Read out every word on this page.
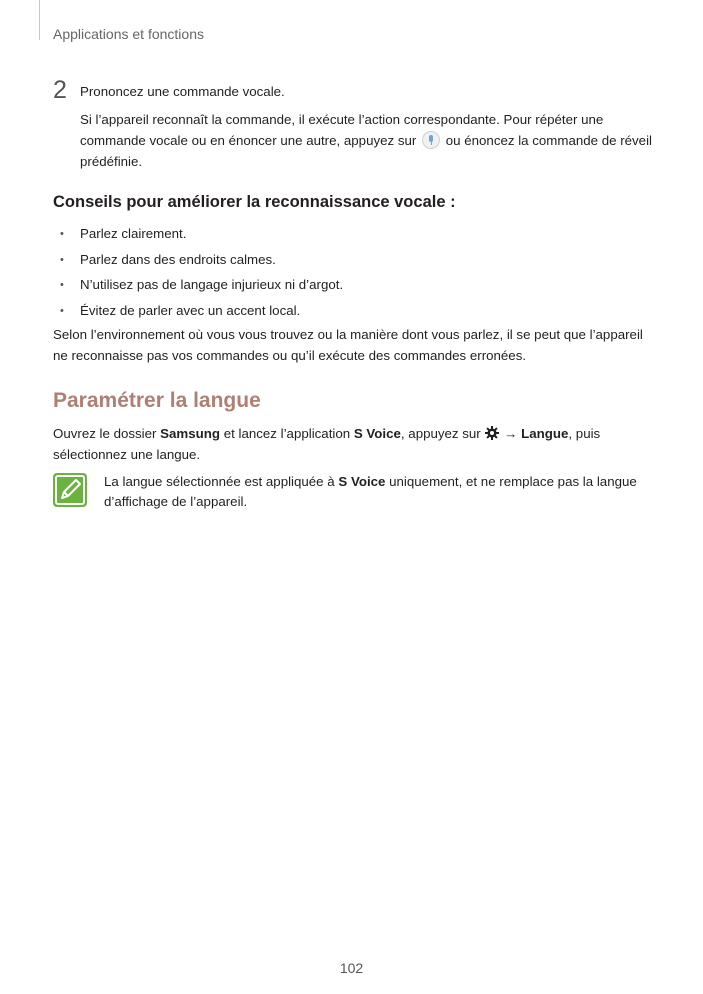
Applications et fonctions
2 Prononcez une commande vocale.
Si l’appareil reconnaît la commande, il exécute l’action correspondante. Pour répéter une commande vocale ou en énoncer une autre, appuyez sur ou énoncez la commande de réveil prédéfinie.
Conseils pour améliorer la reconnaissance vocale :
• Parlez clairement.
• Parlez dans des endroits calmes.
• N’utilisez pas de langage injurieux ni d’argot.
• Évitez de parler avec un accent local.
Selon l’environnement où vous vous trouvez ou la manière dont vous parlez, il se peut que l’appareil ne reconnaisse pas vos commandes ou qu’il exécute des commandes erronées.
Paramétrer la langue
Ouvrez le dossier Samsung et lancez l’application S Voice, appuyez sur → Langue, puis sélectionnez une langue.
La langue sélectionnée est appliquée à S Voice uniquement, et ne remplace pas la langue d’affichage de l’appareil.
102
